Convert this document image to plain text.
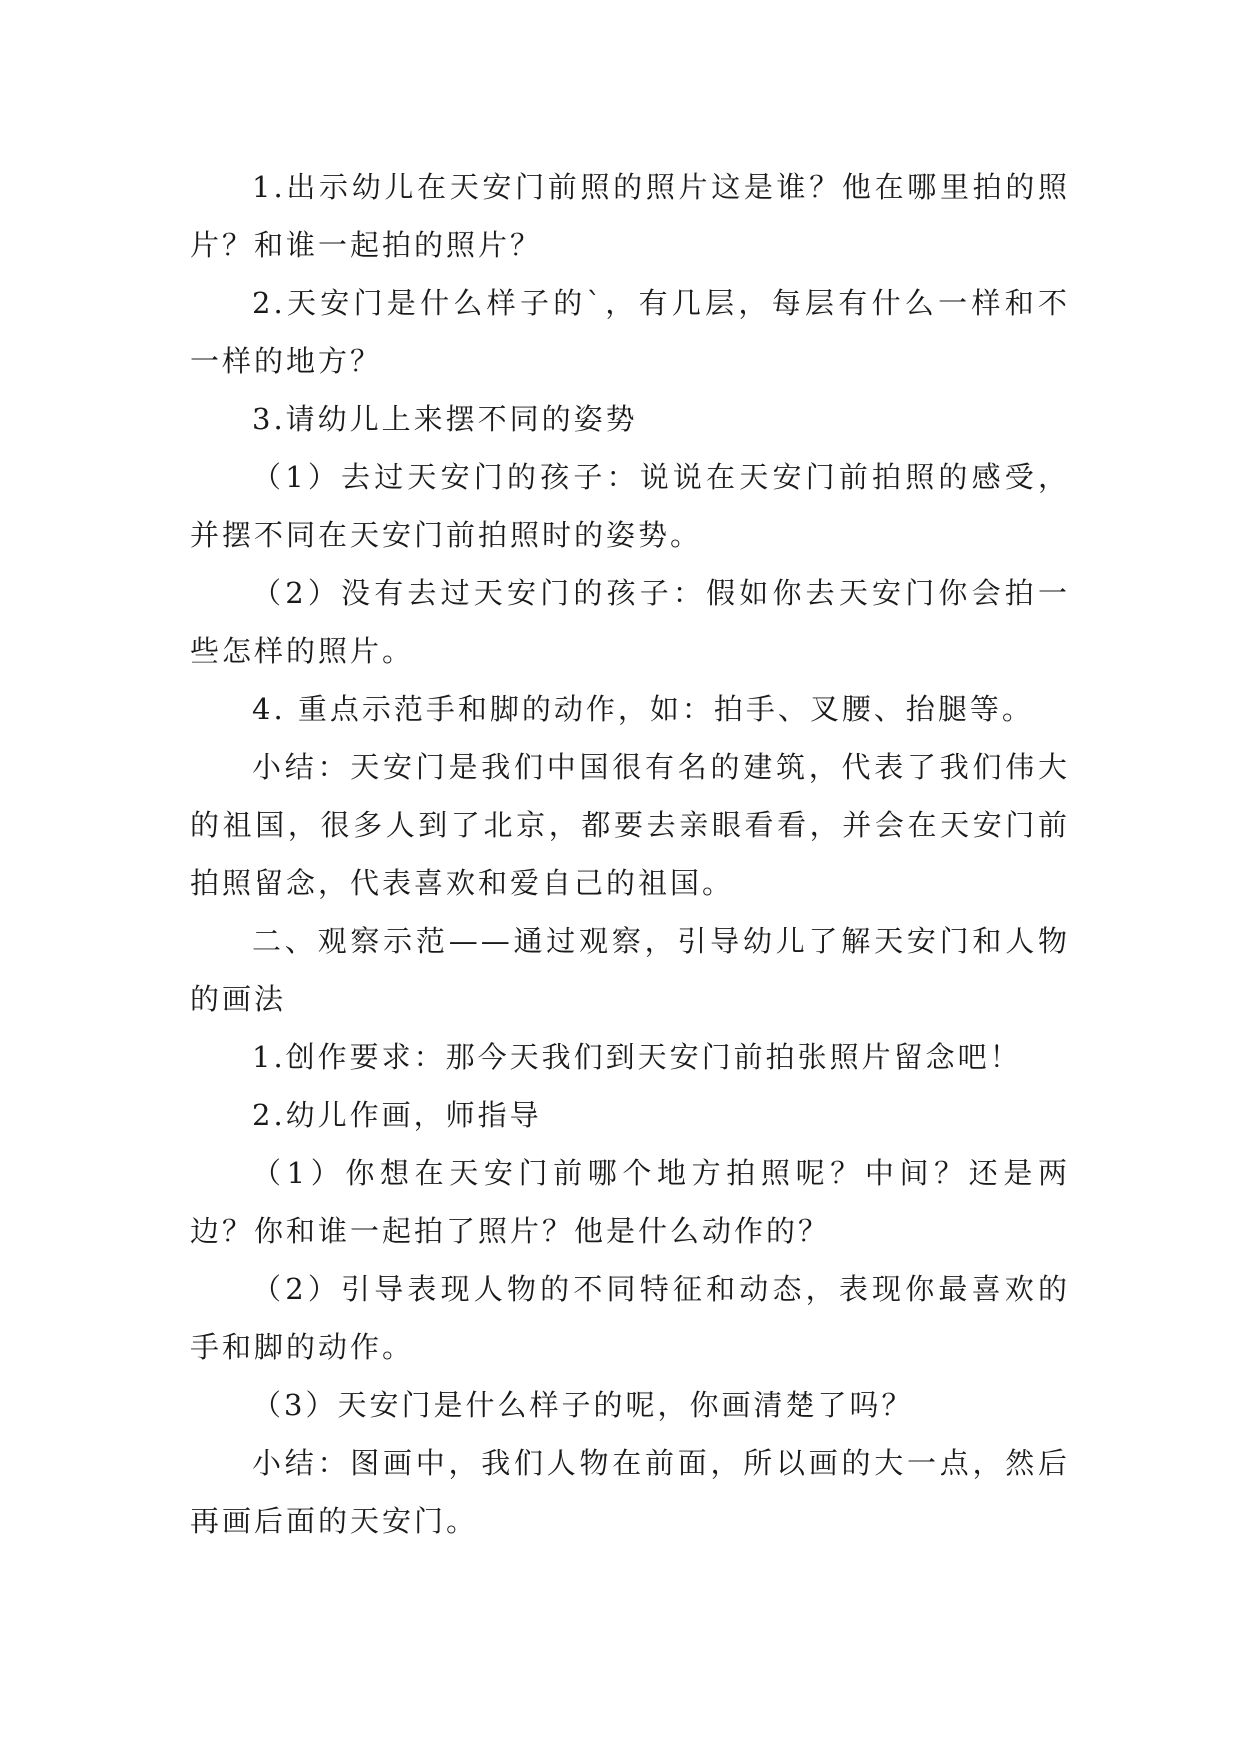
1.出示幼儿在天安门前照的照片这是谁？他在哪里拍的照片？和谁一起拍的照片？

2.天安门是什么样子的`，有几层，每层有什么一样和不一样的地方？

3.请幼儿上来摆不同的姿势

（1）去过天安门的孩子：说说在天安门前拍照的感受，并摆不同在天安门前拍照时的姿势。

（2）没有去过天安门的孩子：假如你去天安门你会拍一些怎样的照片。

4. 重点示范手和脚的动作，如：拍手、叉腰、抬腿等。

小结：天安门是我们中国很有名的建筑，代表了我们伟大的祖国，很多人到了北京，都要去亲眼看看，并会在天安门前拍照留念，代表喜欢和爱自己的祖国。

二、观察示范——通过观察，引导幼儿了解天安门和人物的画法

1.创作要求：那今天我们到天安门前拍张照片留念吧！

2.幼儿作画，师指导

（1）你想在天安门前哪个地方拍照呢？中间？还是两边？你和谁一起拍了照片？他是什么动作的？

（2）引导表现人物的不同特征和动态，表现你最喜欢的手和脚的动作。

（3）天安门是什么样子的呢，你画清楚了吗？

小结：图画中，我们人物在前面，所以画的大一点，然后再画后面的天安门。
